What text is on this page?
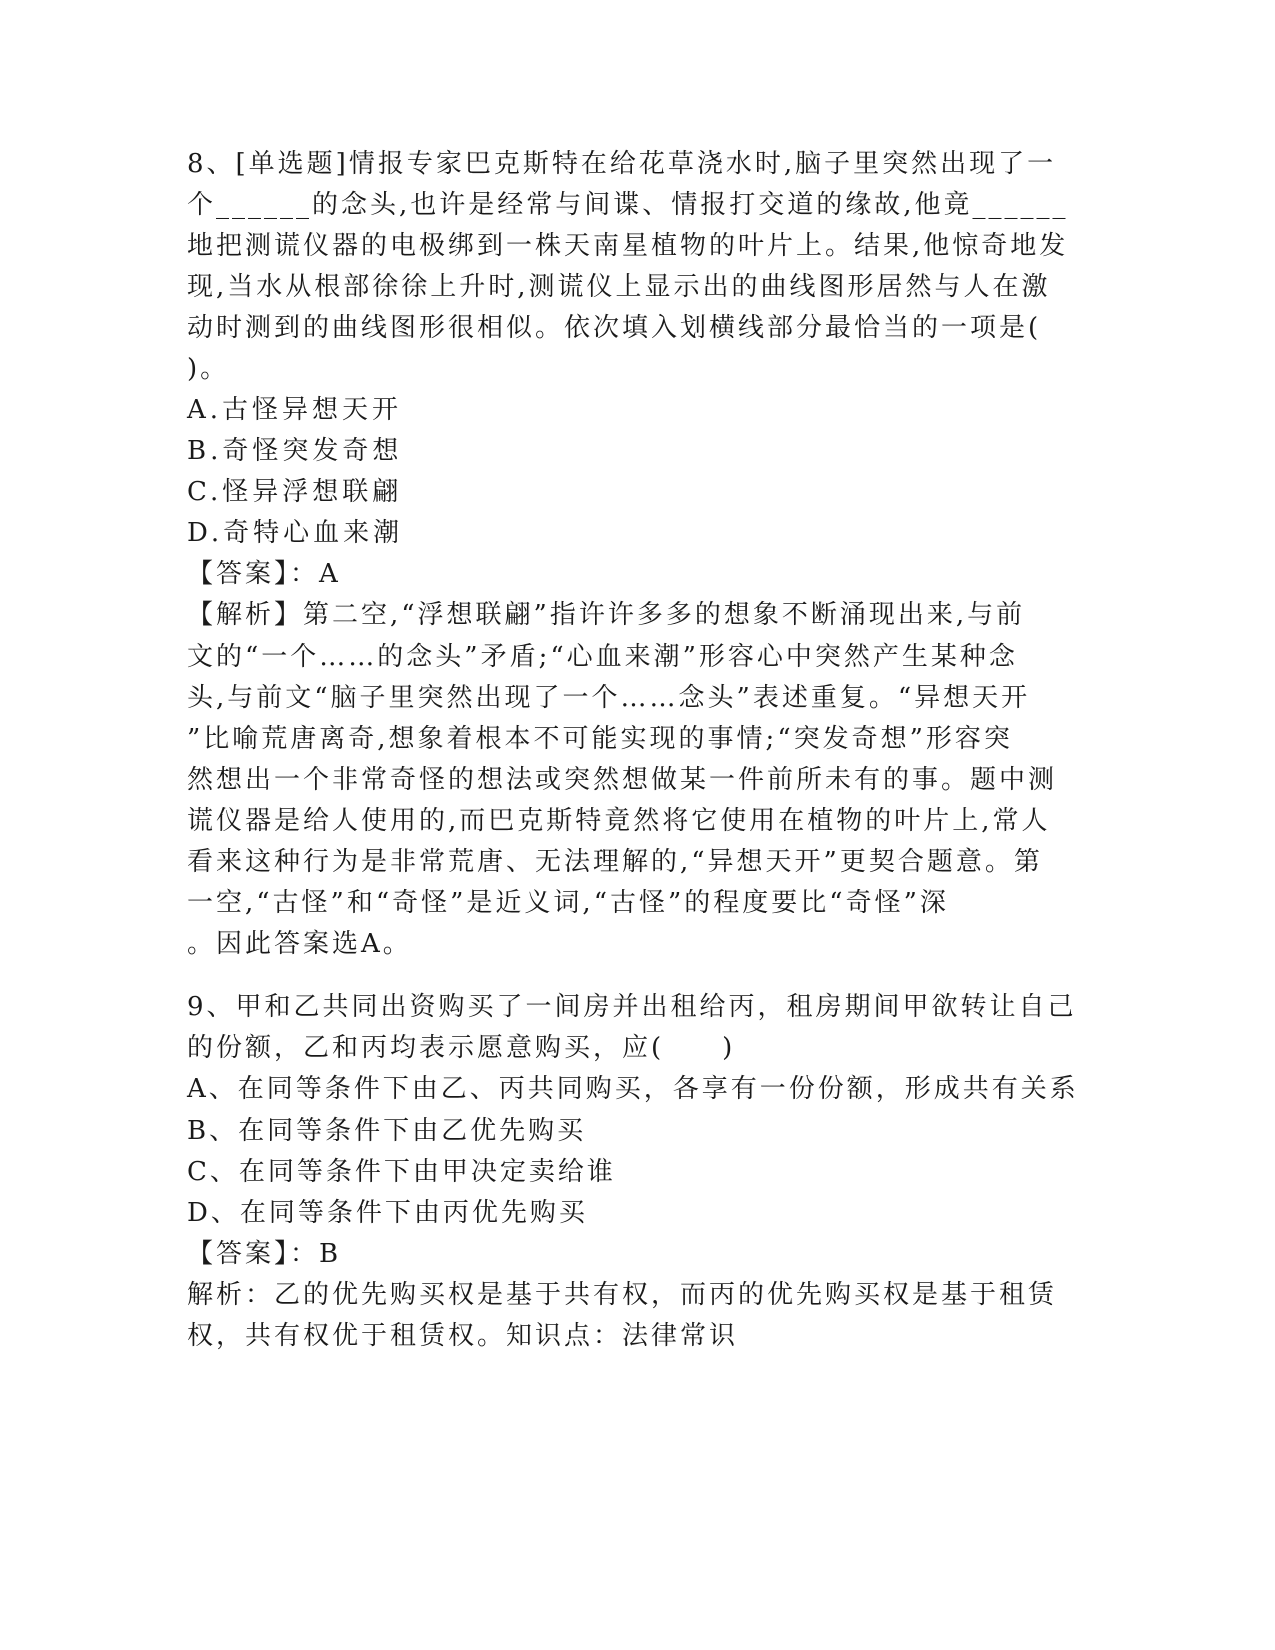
8、[单选题]情报专家巴克斯特在给花草浇水时,脑子里突然出现了一
个______的念头,也许是经常与间谍、情报打交道的缘故,他竟______
地把测谎仪器的电极绑到一株天南星植物的叶片上。结果,他惊奇地发
现,当水从根部徐徐上升时,测谎仪上显示出的曲线图形居然与人在激
动时测到的曲线图形很相似。依次填入划横线部分最恰当的一项是(
)。
A.古怪异想天开
B.奇怪突发奇想
C.怪异浮想联翩
D.奇特心血来潮
【答案】：A
【解析】第二空,“浮想联翩”指许许多多的想象不断涌现出来,与前
文的“一个……的念头”矛盾;“心血来潮”形容心中突然产生某种念
头,与前文“脑子里突然出现了一个……念头”表述重复。“异想天开
”比喻荒唐离奇,想象着根本不可能实现的事情;“突发奇想”形容突
然想出一个非常奇怪的想法或突然想做某一件前所未有的事。题中测
谎仪器是给人使用的,而巴克斯特竟然将它使用在植物的叶片上,常人
看来这种行为是非常荒唐、无法理解的,“异想天开”更契合题意。第
一空,“古怪”和“奇怪”是近义词,“古怪”的程度要比“奇怪”深
。因此答案选A。
9、甲和乙共同出资购买了一间房并出租给丙，租房期间甲欲转让自己
的份额，乙和丙均表示愿意购买，应(　　)
A、在同等条件下由乙、丙共同购买，各享有一份份额，形成共有关系
B、在同等条件下由乙优先购买
C、在同等条件下由甲决定卖给谁
D、在同等条件下由丙优先购买
【答案】：B
解析：乙的优先购买权是基于共有权，而丙的优先购买权是基于租赁
权，共有权优于租赁权。知识点：法律常识
